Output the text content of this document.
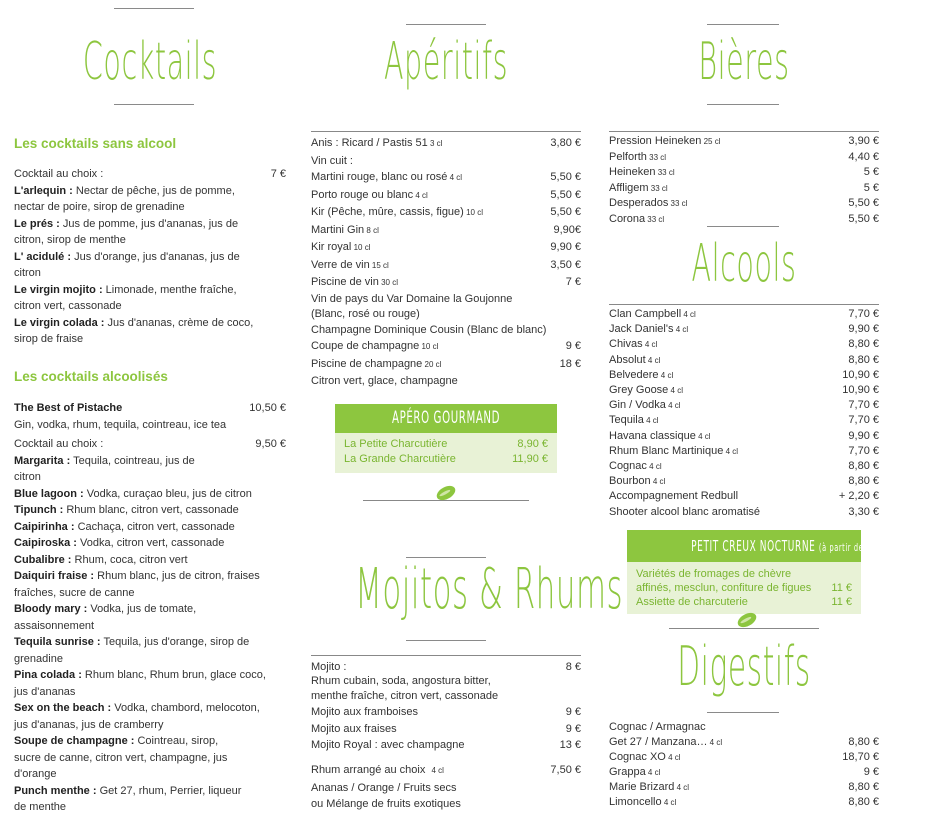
Cocktails
Les cocktails sans alcool
Cocktail au choix :	7 €
L'arlequin : Nectar de pêche, jus de pomme, nectar de poire, sirop de grenadine
Le prés : Jus de pomme, jus d'ananas, jus de citron, sirop de menthe
L' acidulé : Jus d'orange, jus d'ananas, jus de citron
Le virgin mojito : Limonade, menthe fraîche, citron vert, cassonade
Le virgin colada : Jus d'ananas, crème de coco, sirop de fraise
Les cocktails alcoolisés
The Best of Pistache	10,50 €
Gin, vodka, rhum, tequila, cointreau, ice tea
Cocktail au choix :	9,50 €
Margarita : Tequila, cointreau, jus de citron
Blue lagoon : Vodka, curaçao bleu, jus de citron
Tipunch : Rhum blanc, citron vert, cassonade
Caipirinha : Cachaça, citron vert, cassonade
Caipiroska : Vodka, citron vert, cassonade
Cubalibre : Rhum, coca, citron vert
Daiquiri fraise : Rhum blanc, jus de citron, fraises fraîches, sucre de canne
Bloody mary : Vodka, jus de tomate, assaisonnement
Tequila sunrise : Tequila, jus d'orange, sirop de grenadine
Pina colada : Rhum blanc, Rhum brun, glace coco, jus d'ananas
Sex on the beach : Vodka, chambord, melocoton, jus d'ananas, jus de cramberry
Soupe de champagne : Cointreau, sirop, sucre de canne, citron vert, champagne, jus d'orange
Punch menthe : Get 27, rhum, Perrier, liqueur de menthe
Apéritifs
Anis : Ricard / Pastis 51 3 cl	3,80 €
Vin cuit :
Martini rouge, blanc ou rosé 4 cl	5,50 €
Porto rouge ou blanc 4 cl	5,50 €
Kir (Pêche, mûre, cassis, figue) 10 cl	5,50 €
Martini Gin 8 cl	9,90€
Kir royal 10 cl	9,90 €
Verre de vin 15 cl	3,50 €
Piscine de vin 30 cl	7 €
Vin de pays du Var Domaine la Goujonne
(Blanc, rosé ou rouge)
Champagne Dominique Cousin (Blanc de blanc)
Coupe de champagne 10 cl	9 €
Piscine de champagne 20 cl	18 €
Citron vert, glace, champagne
APÉRO GOURMAND
La Petite Charcutière	8,90 €
La Grande Charcutière	11,90 €
Mojitos & Rhums
Mojito :	8 €
Rhum cubain, soda, angostura bitter,
menthe fraîche, citron vert, cassonade
Mojito aux framboises	9 €
Mojito aux fraises	9 €
Mojito Royal : avec champagne	13 €
Rhum arrangé au choix 4 cl	7,50 €
Ananas / Orange / Fruits secs
ou Mélange de fruits exotiques
Bières
Pression Heineken 25 cl	3,90 €
Pelforth 33 cl	4,40 €
Heineken 33 cl	5 €
Affligem 33 cl	5 €
Desperados 33 cl	5,50 €
Corona 33 cl	5,50 €
Alcools
Clan Campbell 4 cl	7,70 €
Jack Daniel's 4 cl	9,90 €
Chivas 4 cl	8,80 €
Absolut 4 cl	8,80 €
Belvedere 4 cl	10,90 €
Grey Goose 4 cl	10,90 €
Gin / Vodka 4 cl	7,70 €
Tequila 4 cl	7,70 €
Havana classique 4 cl	9,90 €
Rhum Blanc Martinique 4 cl	7,70 €
Cognac 4 cl	8,80 €
Bourbon 4 cl	8,80 €
Accompagnement Redbull	+ 2,20 €
Shooter alcool blanc aromatisé	3,30 €
PETIT CREUX NOCTURNE (à partir de 23h)
Variétés de fromages de chèvre
affinés, mesclun, confiture de figues	11 €
Assiette de charcuterie	11 €
Digestifs
Cognac / Armagnac
Get 27 / Manzana… 4 cl	8,80 €
Cognac XO 4 cl	18,70 €
Grappa 4 cl	9 €
Marie Brizard 4 cl	8,80 €
Limoncello 4 cl	8,80 €
